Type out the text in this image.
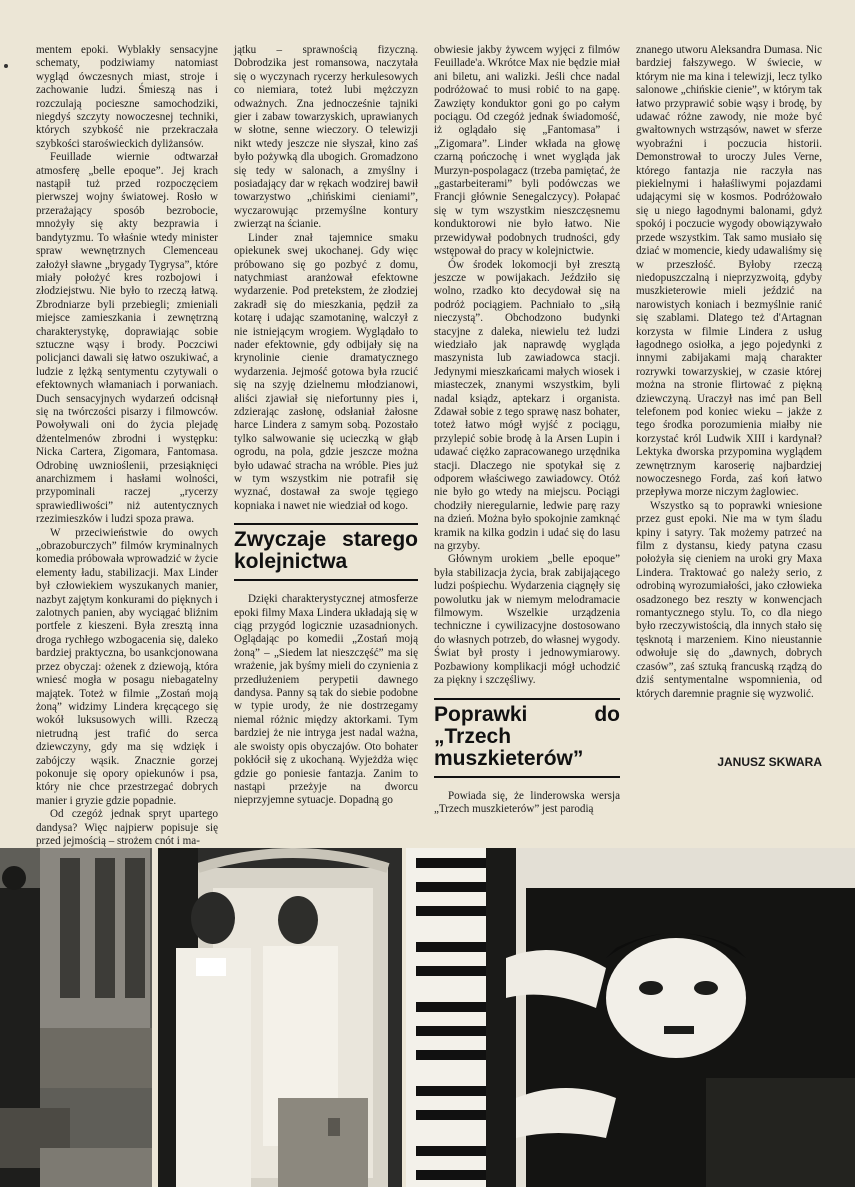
mentem epoki. Wyblakły sensacyjne schematy, podziwiamy natomiast wygląd ówczesnych miast, stroje i zachowanie ludzi. Śmieszą nas i rozczulają pocieszne samochodziki, niegdyś szczyty nowoczesnej techniki, których szybkość nie przekraczała szybkości staroświeckich dyliżansów.

Feuillade wiernie odtwarzał atmosferę „belle epoque”. Jej krach nastąpił tuż przed rozpoczęciem pierwszej wojny światowej. Rosło w przerażający sposób bezrobocie, mnożyły się akty bezprawia i bandytyzmu. To właśnie wtedy minister spraw wewnętrznych Clemenceau założył sławne „brygady Tygrysa”, które miały położyć kres rozbojowi i złodziejstwu. Nie było to rzeczą łatwą. Zbrodniarze byli przebiegli; zmieniali miejsce zamieszkania i zewnętrzną charakterystykę, doprawiając sobie sztuczne wąsy i brody. Poczciwi policjanci dawali się łatwo oszukiwać, a ludzie z lężką sentymentu czytywali o efektownych włamaniach i porwaniach. Duch sensacyjnych wydarzeń odcisnął się na twórczości pisarzy i filmowców. Powoływali oni do życia plejadę dżentelmenów zbrodni i występku: Nicka Cartera, Zigomara, Fantomasa. Odrobinę uwznioślenii, przesiąknięci anarchizmem i hasłami wolności, przypominali raczej „rycerzy sprawiedliwości” niż autentycznych rzezimieszków i ludzi spoza prawa.

W przeciwieństwie do owych „obrazoburczych” filmów kryminalnych komedia próbowała wprowadzić w życie elementy ładu, stabilizacji. Max Linder był człowiekiem wyszukanych manier, nazbyt zajętym konkurami do pięknych i zalotnych panien, aby wyciągać bliźnim portfele z kieszeni. Była zresztą inna droga rychłego wzbogacenia się, daleko bardziej praktyczna, bo usankcjonowana przez obyczaj: ożenek z dziewoją, która wniesć mogła w posagu niebagatelny majątek. Toteż w filmie „Zostań moją żoną” widzimy Lindera kręcącego się wokół luksusowych willi. Rzeczą nietrudną jest trafić do serca dziewczyny, gdy ma się wdzięk i zabójczy wąsik. Znacznie gorzej pokonuje się opory opiekunów i psa, który nie chce przestrzegać dobrych manier i gryzie gdzie popadnie.

Od czegóż jednak spryt upartego dandysa? Więc najpierw popisuje się przed jejmością – strożem cnót i ma-

jątku – sprawnością fizyczną. Dobrodzika jest romansowa, naczytała się o wyczynach rycerzy herkulesowych co niemiara, toteż lubi mężczyzn odważnych. Zna jednocześnie tajniki gier i zabaw towarzyskich, uprawianych w słotne, senne wieczory. O telewizji nikt wtedy jeszcze nie słyszał, kino zaś było pożywką dla ubogich. Gromadzono się tedy w salonach, a zmyślny i posiadający dar w rękach wodzirej bawił towarzystwo „chińskimi cieniami”, wyczarowując przemyślne kontury zwierząt na ścianie.

Linder znał tajemnice smaku opiekunek swej ukochanej. Gdy więc próbowano się go pozbyć z domu, natychmiast aranżował efektowne wydarzenie. Pod pretekstem, że złodziej zakradł się do mieszkania, pędził za kotarę i udając szamotaninę, walczył z nie istniejącym wrogiem. Wyglądało to nader efektownie, gdy odbijały się na krynolinie cienie dramatycznego wydarzenia. Jejmość gotowa była rzucić się na szyję dzielnemu młodzianowi, aliści zjawiał się niefortunny pies i, zdzierając zasłonę, odsłaniał żałosne harce Lindera z samym sobą. Pozostało tylko salwowanie się ucieczką w głąb ogrodu, na pola, gdzie jeszcze można było udawać stracha na wróble. Pies już w tym wszystkim nie potrafił się wyznać, dostawał za swoje tęgiego kopniaka i nawet nie wiedział od kogo.

Zwyczaje starego kolejnictwa

Dzięki charakterystycznej atmosferze epoki filmy Maxa Lindera układają się w ciąg przygód logicznie uzasadnionych. Oglądając po komedii „Zostań moją żoną” – „Siedem lat nieszczęść” ma się wrażenie, jak byśmy mieli do czynienia z przedłużeniem perypetii dawnego dandysa. Panny są tak do siebie podobne w typie urody, że nie dostrzegamy niemal różnic między aktorkami. Tym bardziej że nie intryga jest nadal ważna, ale swoisty opis obyczajów. Oto bohater pokłócił się z ukochaną. Wyjeżdża więc gdzie go poniesie fantazja. Zanim to nastąpi przeżyje na dworcu nieprzyjemne sytuacje. Dopadną go

obwiesie jakby żywcem wyjęci z filmów Feuillade'a. Wkrótce Max nie będzie miał ani biletu, ani walizki. Jeśli chce nadal podróżować to musi robić to na gapę. Zawzięty konduktor goni go po całym pociągu. Od czegóż jednak świadomość, iż oglądało się „Fantomasa” i „Zigomara”. Linder wkłada na głowę czarną pończochę i wnet wygląda jak Murzyn-pospolagacz (trzeba pamiętać, że „gastarbeiterami” byli podówczas we Francji głównie Senegalczycy). Połapać się w tym wszystkim nieszczęsnemu konduktorowi nie było łatwo. Nie przewidywał podobnych trudności, gdy wstępował do pracy w kolejnictwie.

Ów środek lokomocji był zresztą jeszcze w powijakach. Jeździło się wolno, rzadko kto decydował się na podróż pociągiem. Pachniało to „siłą nieczystą”. Obchodzono budynki stacyjne z daleka, niewielu też ludzi wiedziało jak naprawdę wygląda maszynista lub zawiadowca stacji. Jedynymi mieszkańcami małych wiosek i miasteczek, znanymi wszystkim, byli nadal ksiądz, aptekarz i organista. Zdawał sobie z tego sprawę nasz bohater, toteż łatwo mógł wyjść z pociągu, przylepić sobie brodę à la Arsen Lupin i udawać ciężko zapracowanego urzędnika stacji. Dlaczego nie spotykał się z odporem właściwego zawiadowcy. Otóż nie było go wtedy na miejscu. Pociągi chodziły nieregularnie, ledwie parę razy na dzień. Można było spokojnie zamknąć kramik na kilka godzin i udać się do lasu na grzyby.

Głównym urokiem „belle epoque” była stabilizacja życia, brak zabijającego ludzi pośpiechu. Wydarzenia ciągnęły się powolutku jak w niemym melodramacie filmowym. Wszelkie urządzenia techniczne i cywilizacyjne dostosowano do własnych potrzeb, do własnej wygody. Świat był prosty i jednowymiarowy. Pozbawiony komplikacji mógł uchodzić za piękny i szczęśliwy.

Poprawki do „Trzech muszkieterów”

Powiada się, że linderowska wersja „Trzech muszkieterów” jest parodią

znanego utworu Aleksandra Dumasa. Nic bardziej fałszywego. W świecie, w którym nie ma kina i telewizji, lecz tylko salonowe „chińskie cienie”, w którym tak łatwo przyprawić sobie wąsy i brodę, by udawać różne zawody, nie może być gwałtownych wstrząsów, nawet w sferze wyobraźni i poczucia historii. Demonstrował to uroczy Jules Verne, którego fantazja nie raczyła nas piekielnymi i hałaśliwymi pojazdami udającymi się w kosmos. Podróżowało się u niego łagodnymi balonami, gdyż spokój i poczucie wygody obowiązywało przede wszystkim. Tak samo musiało się dziać w momencie, kiedy udawaliśmy się w przeszłość. Byłoby rzeczą niedopuszczalną i nieprzyzwoitą, gdyby muszkieterowie mieli jeździć na narowistych koniach i bezmyślnie ranić się szablami. Dlatego też d'Artagnan korzysta w filmie Lindera z usług łagodnego osiołka, a jego pojedynki z innymi zabijakami mają charakter rozrywki towarzyskiej, w czasie której można na stronie flirtować z piękną dziewczyną. Uraczył nas imć pan Bell telefonem pod koniec wieku – jakże z tego środka porozumienia miałby nie korzystać król Ludwik XIII i kardynał? Lektyka dworska przypomina wyglądem zewnętrznym karoserię najbardziej nowoczesnego Forda, zaś koń łatwo przepływa morze niczym żaglowiec.

Wszystko są to poprawki wniesione przez gust epoki. Nie ma w tym śladu kpiny i satyry. Tak możemy patrzeć na film z dystansu, kiedy patyna czasu położyła się cieniem na uroki gry Maxa Lindera. Traktować go należy serio, z odrobiną wyrozumiałości, jako człowieka osadzonego bez reszty w konwencjach romantycznego stylu. To, co dla niego było rzeczywistością, dla innych stało się tęsknotą i marzeniem. Kino nieustannie odwołuje się do „dawnych, dobrych czasów”, zaś sztuką francuską rządzą do dziś sentymentalne wspomnienia, od których daremnie pragnie się wyzwolić.

JANUSZ SKWARA
